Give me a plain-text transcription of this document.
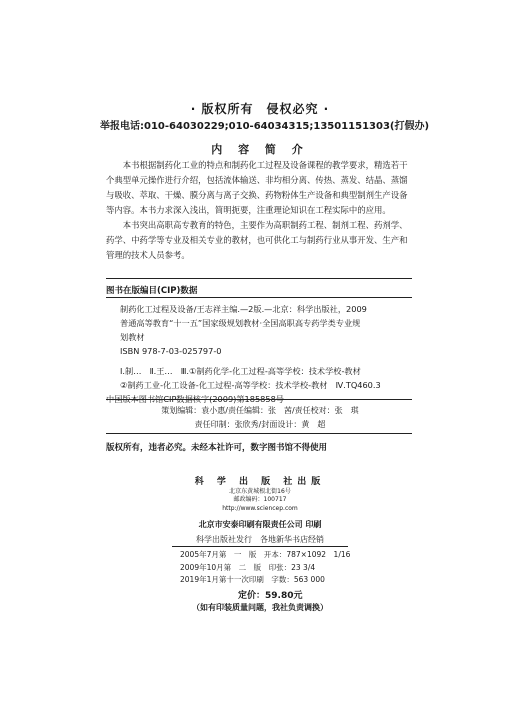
· 版权所有　侵权必究 ·
举报电话:010-64030229;010-64034315;13501151303(打假办)
内 容 简 介

本书根据制药化工业的特点和制药化工过程及设备课程的教学要求，精选若干个典型单元操作进行介绍，包括流体输送、非均相分离、传热、蒸发、结晶、蒸馏与吸收、萃取、干燥、膜分离与离子交换、药物粉体生产设备和典型制剂生产设备等内容。本书力求深入浅出，简明扼要，注重理论知识在工程实际中的应用。

本书突出高职高专教育的特色，主要作为高职制药工程、制剂工程、药剂学、药学、中药学等专业及相关专业的教材，也可供化工与制药行业从事开发、生产和管理的技术人员参考。

图书在版编目(CIP)数据
制药化工过程及设备/王志祥主编.—2版.—北京：科学出版社，2009
普通高等教育“十一五”国家级规划教材·全国高职高专药学类专业规
划教材
ISBN 978-7-03-025797-0
Ⅰ.制…　Ⅱ.王…　Ⅲ.①制药化学-化工过程-高等学校：技术学校-教材
②制药工业-化工设备-化工过程-高等学校：技术学校-教材　Ⅳ.TQ460.3
中国版本图书馆CIP数据核字(2009)第185858号
策划编辑：袁小惠/责任编辑：张　茜/责任校对：张　琪
责任印制：张欣秀/封面设计：黄　超
版权所有，违者必究。未经本社许可，数字图书馆不得使用
科 学 出 版 社出版
北京东黄城根北街16号
邮政编码：100717
http://www.sciencep.com
北京市安泰印刷有限责任公司 印刷
科学出版社发行　各地新华书店经销
2005年7月第　一　版　开本：787×1092　1/16
2009年10月第　二　版　印张：23 3/4
2019年1月第十一次印刷　字数：563 000
定价：59.80元
（如有印装质量问题，我社负责调换）
